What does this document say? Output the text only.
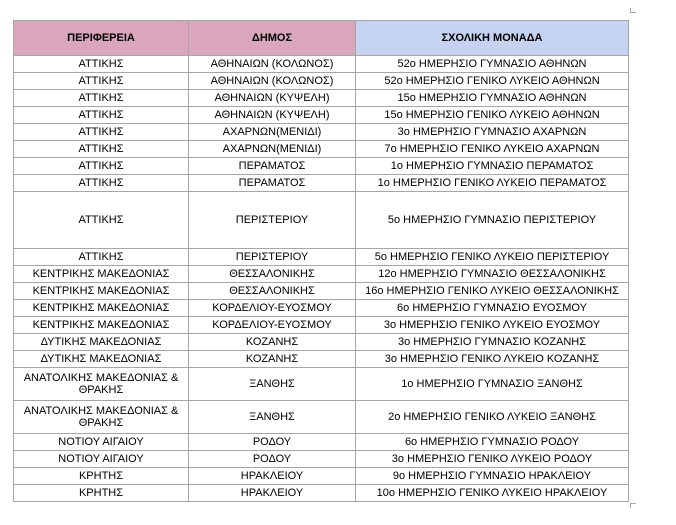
ΠΕΡΙΦΕΡΕΙΑ	ΔΗΜΟΣ	ΣΧΟΛΙΚΗ ΜΟΝΑΔΑ
ΑΤΤΙΚΗΣ	ΑΘΗΝΑΙΩΝ (ΚΟΛΩΝΟΣ)	52ο ΗΜΕΡΗΣΙΟ ΓΥΜΝΑΣΙΟ ΑΘΗΝΩΝ
ΑΤΤΙΚΗΣ	ΑΘΗΝΑΙΩΝ (ΚΟΛΩΝΟΣ)	52ο ΗΜΕΡΗΣΙΟ ΓΕΝΙΚΟ ΛΥΚΕΙΟ ΑΘΗΝΩΝ
ΑΤΤΙΚΗΣ	ΑΘΗΝΑΙΩΝ (ΚΥΨΕΛΗ)	15ο ΗΜΕΡΗΣΙΟ ΓΥΜΝΑΣΙΟ ΑΘΗΝΩΝ
ΑΤΤΙΚΗΣ	ΑΘΗΝΑΙΩΝ (ΚΥΨΕΛΗ)	15ο ΗΜΕΡΗΣΙΟ ΓΕΝΙΚΟ ΛΥΚΕΙΟ ΑΘΗΝΩΝ
ΑΤΤΙΚΗΣ	ΑΧΑΡΝΩΝ(ΜΕΝΙΔΙ)	3ο ΗΜΕΡΗΣΙΟ ΓΥΜΝΑΣΙΟ ΑΧΑΡΝΩΝ
ΑΤΤΙΚΗΣ	ΑΧΑΡΝΩΝ(ΜΕΝΙΔΙ)	7ο ΗΜΕΡΗΣΙΟ ΓΕΝΙΚΟ ΛΥΚΕΙΟ ΑΧΑΡΝΩΝ
ΑΤΤΙΚΗΣ	ΠΕΡΑΜΑΤΟΣ	1ο ΗΜΕΡΗΣΙΟ ΓΥΜΝΑΣΙΟ ΠΕΡΑΜΑΤΟΣ
ΑΤΤΙΚΗΣ	ΠΕΡΑΜΑΤΟΣ	1ο ΗΜΕΡΗΣΙΟ ΓΕΝΙΚΟ ΛΥΚΕΙΟ ΠΕΡΑΜΑΤΟΣ
ΑΤΤΙΚΗΣ	ΠΕΡΙΣΤΕΡΙΟΥ	5ο ΗΜΕΡΗΣΙΟ ΓΥΜΝΑΣΙΟ ΠΕΡΙΣΤΕΡΙΟΥ
ΑΤΤΙΚΗΣ	ΠΕΡΙΣΤΕΡΙΟΥ	5ο ΗΜΕΡΗΣΙΟ ΓΕΝΙΚΟ ΛΥΚΕΙΟ ΠΕΡΙΣΤΕΡΙΟΥ
ΚΕΝΤΡΙΚΗΣ ΜΑΚΕΔΟΝΙΑΣ	ΘΕΣΣΑΛΟΝΙΚΗΣ	12ο ΗΜΕΡΗΣΙΟ ΓΥΜΝΑΣΙΟ ΘΕΣΣΑΛΟΝΙΚΗΣ
ΚΕΝΤΡΙΚΗΣ ΜΑΚΕΔΟΝΙΑΣ	ΘΕΣΣΑΛΟΝΙΚΗΣ	16ο ΗΜΕΡΗΣΙΟ ΓΕΝΙΚΟ ΛΥΚΕΙΟ ΘΕΣΣΑΛΟΝΙΚΗΣ
ΚΕΝΤΡΙΚΗΣ ΜΑΚΕΔΟΝΙΑΣ	ΚΟΡΔΕΛΙΟΥ-ΕΥΟΣΜΟΥ	6ο ΗΜΕΡΗΣΙΟ ΓΥΜΝΑΣΙΟ ΕΥΟΣΜΟΥ
ΚΕΝΤΡΙΚΗΣ ΜΑΚΕΔΟΝΙΑΣ	ΚΟΡΔΕΛΙΟΥ-ΕΥΟΣΜΟΥ	3ο ΗΜΕΡΗΣΙΟ ΓΕΝΙΚΟ ΛΥΚΕΙΟ ΕΥΟΣΜΟΥ
ΔΥΤΙΚΗΣ ΜΑΚΕΔΟΝΙΑΣ	ΚΟΖΑΝΗΣ	3ο ΗΜΕΡΗΣΙΟ ΓΥΜΝΑΣΙΟ ΚΟΖΑΝΗΣ
ΔΥΤΙΚΗΣ ΜΑΚΕΔΟΝΙΑΣ	ΚΟΖΑΝΗΣ	3ο ΗΜΕΡΗΣΙΟ ΓΕΝΙΚΟ ΛΥΚΕΙΟ ΚΟΖΑΝΗΣ
ΑΝΑΤΟΛΙΚΗΣ ΜΑΚΕΔΟΝΙΑΣ & ΘΡΑΚΗΣ	ΞΑΝΘΗΣ	1ο ΗΜΕΡΗΣΙΟ ΓΥΜΝΑΣΙΟ ΞΑΝΘΗΣ
ΑΝΑΤΟΛΙΚΗΣ ΜΑΚΕΔΟΝΙΑΣ & ΘΡΑΚΗΣ	ΞΑΝΘΗΣ	2ο ΗΜΕΡΗΣΙΟ ΓΕΝΙΚΟ ΛΥΚΕΙΟ ΞΑΝΘΗΣ
ΝΟΤΙΟΥ ΑΙΓΑΙΟΥ	ΡΟΔΟΥ	6ο ΗΜΕΡΗΣΙΟ ΓΥΜΝΑΣΙΟ ΡΟΔΟΥ
ΝΟΤΙΟΥ ΑΙΓΑΙΟΥ	ΡΟΔΟΥ	3ο ΗΜΕΡΗΣΙΟ ΓΕΝΙΚΟ ΛΥΚΕΙΟ ΡΟΔΟΥ
ΚΡΗΤΗΣ	ΗΡΑΚΛΕΙΟΥ	9ο ΗΜΕΡΗΣΙΟ ΓΥΜΝΑΣΙΟ ΗΡΑΚΛΕΙΟΥ
ΚΡΗΤΗΣ	ΗΡΑΚΛΕΙΟΥ	10ο ΗΜΕΡΗΣΙΟ ΓΕΝΙΚΟ ΛΥΚΕΙΟ ΗΡΑΚΛΕΙΟΥ
